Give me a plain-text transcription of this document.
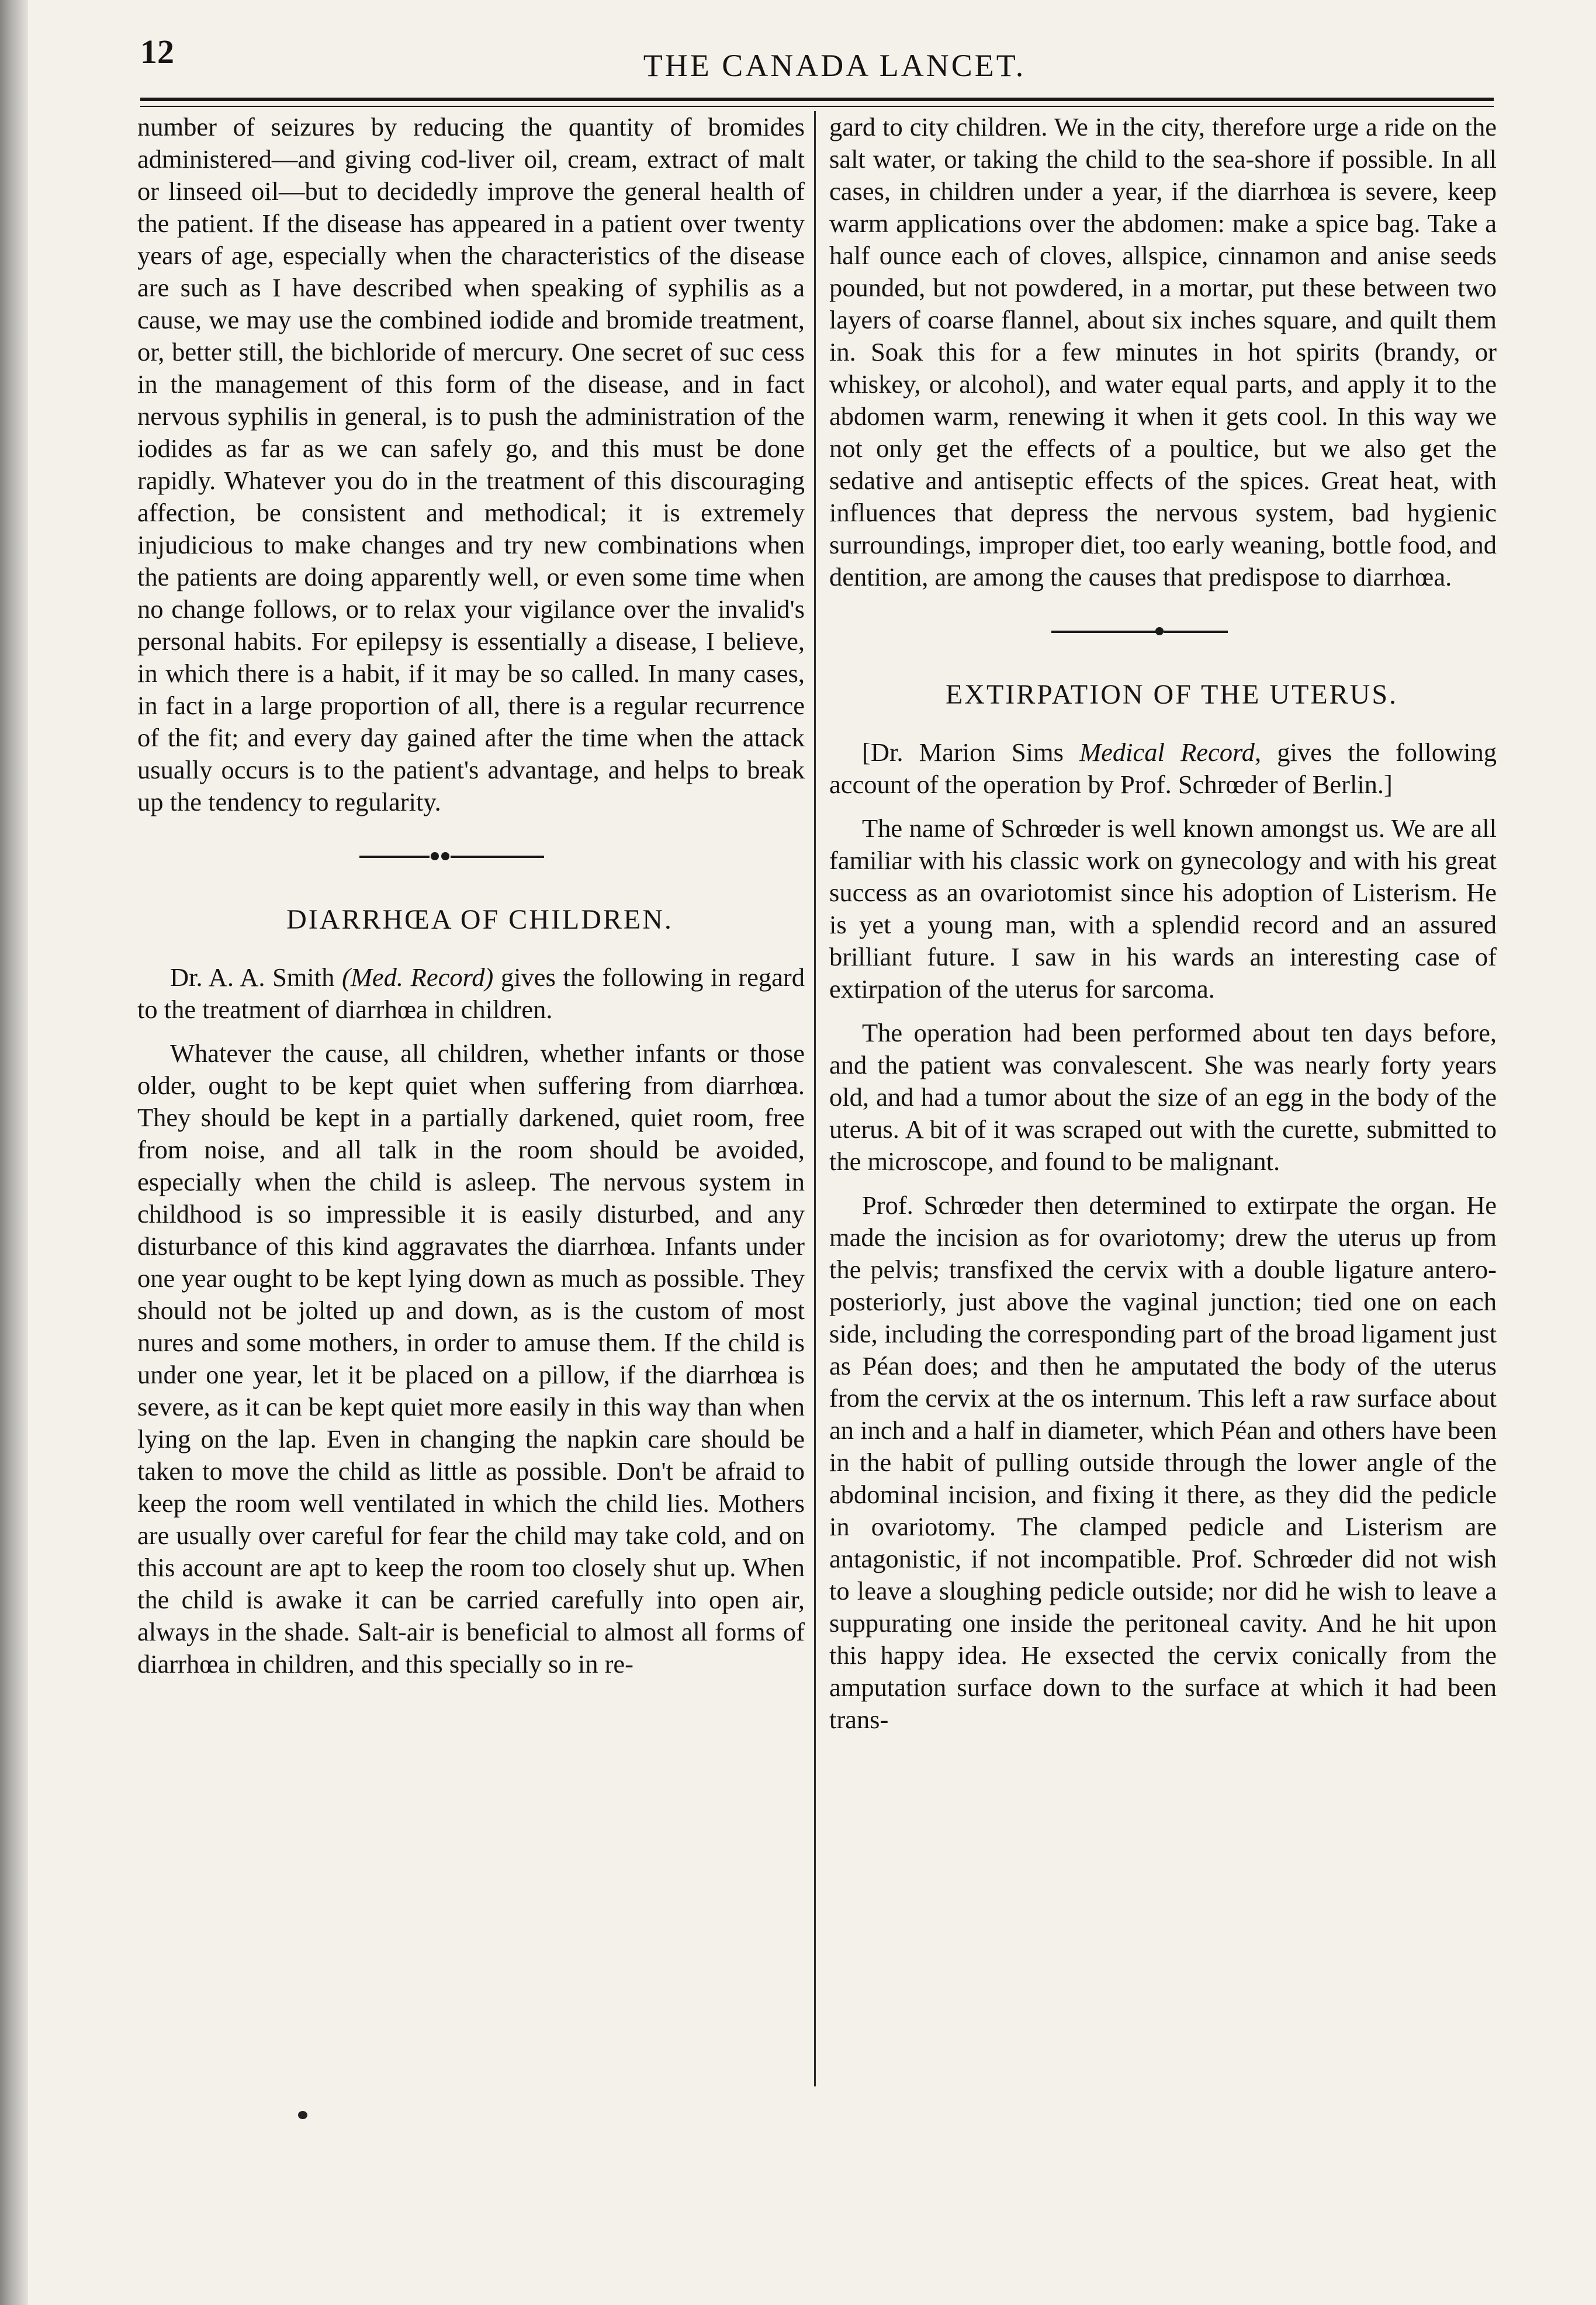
12	THE CANADA LANCET.

number of seizures by reducing the quantity of bromides administered—and giving cod-liver oil, cream, extract of malt or linseed oil—but to decidedly improve the general health of the patient. If the disease has appeared in a patient over twenty years of age, especially when the characteristics of the disease are such as I have described when speaking of syphilis as a cause, we may use the combined iodide and bromide treatment, or, better still, the bichloride of mercury. One secret of suc cess in the management of this form of the disease, and in fact nervous syphilis in general, is to push the administration of the iodides as far as we can safely go, and this must be done rapidly. Whatever you do in the treatment of this discouraging affection, be consistent and methodical; it is extremely injudicious to make changes and try new combinations when the patients are doing apparently well, or even some time when no change follows, or to relax your vigilance over the invalid's personal habits. For epilepsy is essentially a disease, I believe, in which there is a habit, if it may be so called. In many cases, in fact in a large proportion of all, there is a regular recurrence of the fit; and every day gained after the time when the attack usually occurs is to the patient's advantage, and helps to break up the tendency to regularity.

DIARRHŒA OF CHILDREN.

Dr. A. A. Smith (Med. Record) gives the following in regard to the treatment of diarrhœa in children.

Whatever the cause, all children, whether infants or those older, ought to be kept quiet when suffering from diarrhœa. They should be kept in a partially darkened, quiet room, free from noise, and all talk in the room should be avoided, especially when the child is asleep. The nervous system in childhood is so impressible it is easily disturbed, and any disturbance of this kind aggravates the diarrhœa. Infants under one year ought to be kept lying down as much as possible. They should not be jolted up and down, as is the custom of most nures and some mothers, in order to amuse them. If the child is under one year, let it be placed on a pillow, if the diarrhœa is severe, as it can be kept quiet more easily in this way than when lying on the lap. Even in changing the napkin care should be taken to move the child as little as possible. Don't be afraid to keep the room well ventilated in which the child lies. Mothers are usually over careful for fear the child may take cold, and on this account are apt to keep the room too closely shut up. When the child is awake it can be carried carefully into open air, always in the shade. Salt-air is beneficial to almost all forms of diarrhœa in children, and this specially so in re-

gard to city children. We in the city, therefore urge a ride on the salt water, or taking the child to the sea-shore if possible. In all cases, in children under a year, if the diarrhœa is severe, keep warm applications over the abdomen: make a spice bag. Take a half ounce each of cloves, allspice, cinnamon and anise seeds pounded, but not powdered, in a mortar, put these between two layers of coarse flannel, about six inches square, and quilt them in. Soak this for a few minutes in hot spirits (brandy, or whiskey, or alcohol), and water equal parts, and apply it to the abdomen warm, renewing it when it gets cool. In this way we not only get the effects of a poultice, but we also get the sedative and antiseptic effects of the spices. Great heat, with influences that depress the nervous system, bad hygienic surroundings, improper diet, too early weaning, bottle food, and dentition, are among the causes that predispose to diarrhœa.

EXTIRPATION OF THE UTERUS.

[Dr. Marion Sims Medical Record, gives the following account of the operation by Prof. Schrœder of Berlin.]

The name of Schrœder is well known amongst us. We are all familiar with his classic work on gynecology and with his great success as an ovariotomist since his adoption of Listerism. He is yet a young man, with a splendid record and an assured brilliant future. I saw in his wards an interesting case of extirpation of the uterus for sarcoma.

The operation had been performed about ten days before, and the patient was convalescent. She was nearly forty years old, and had a tumor about the size of an egg in the body of the uterus. A bit of it was scraped out with the curette, submitted to the microscope, and found to be malignant.

Prof. Schrœder then determined to extirpate the organ. He made the incision as for ovariotomy; drew the uterus up from the pelvis; transfixed the cervix with a double ligature antero-posteriorly, just above the vaginal junction; tied one on each side, including the corresponding part of the broad ligament just as Péan does; and then he amputated the body of the uterus from the cervix at the os internum. This left a raw surface about an inch and a half in diameter, which Péan and others have been in the habit of pulling outside through the lower angle of the abdominal incision, and fixing it there, as they did the pedicle in ovariotomy. The clamped pedicle and Listerism are antagonistic, if not incompatible. Prof. Schrœder did not wish to leave a sloughing pedicle outside; nor did he wish to leave a suppurating one inside the peritoneal cavity. And he hit upon this happy idea. He exsected the cervix conically from the amputation surface down to the surface at which it had been trans-
